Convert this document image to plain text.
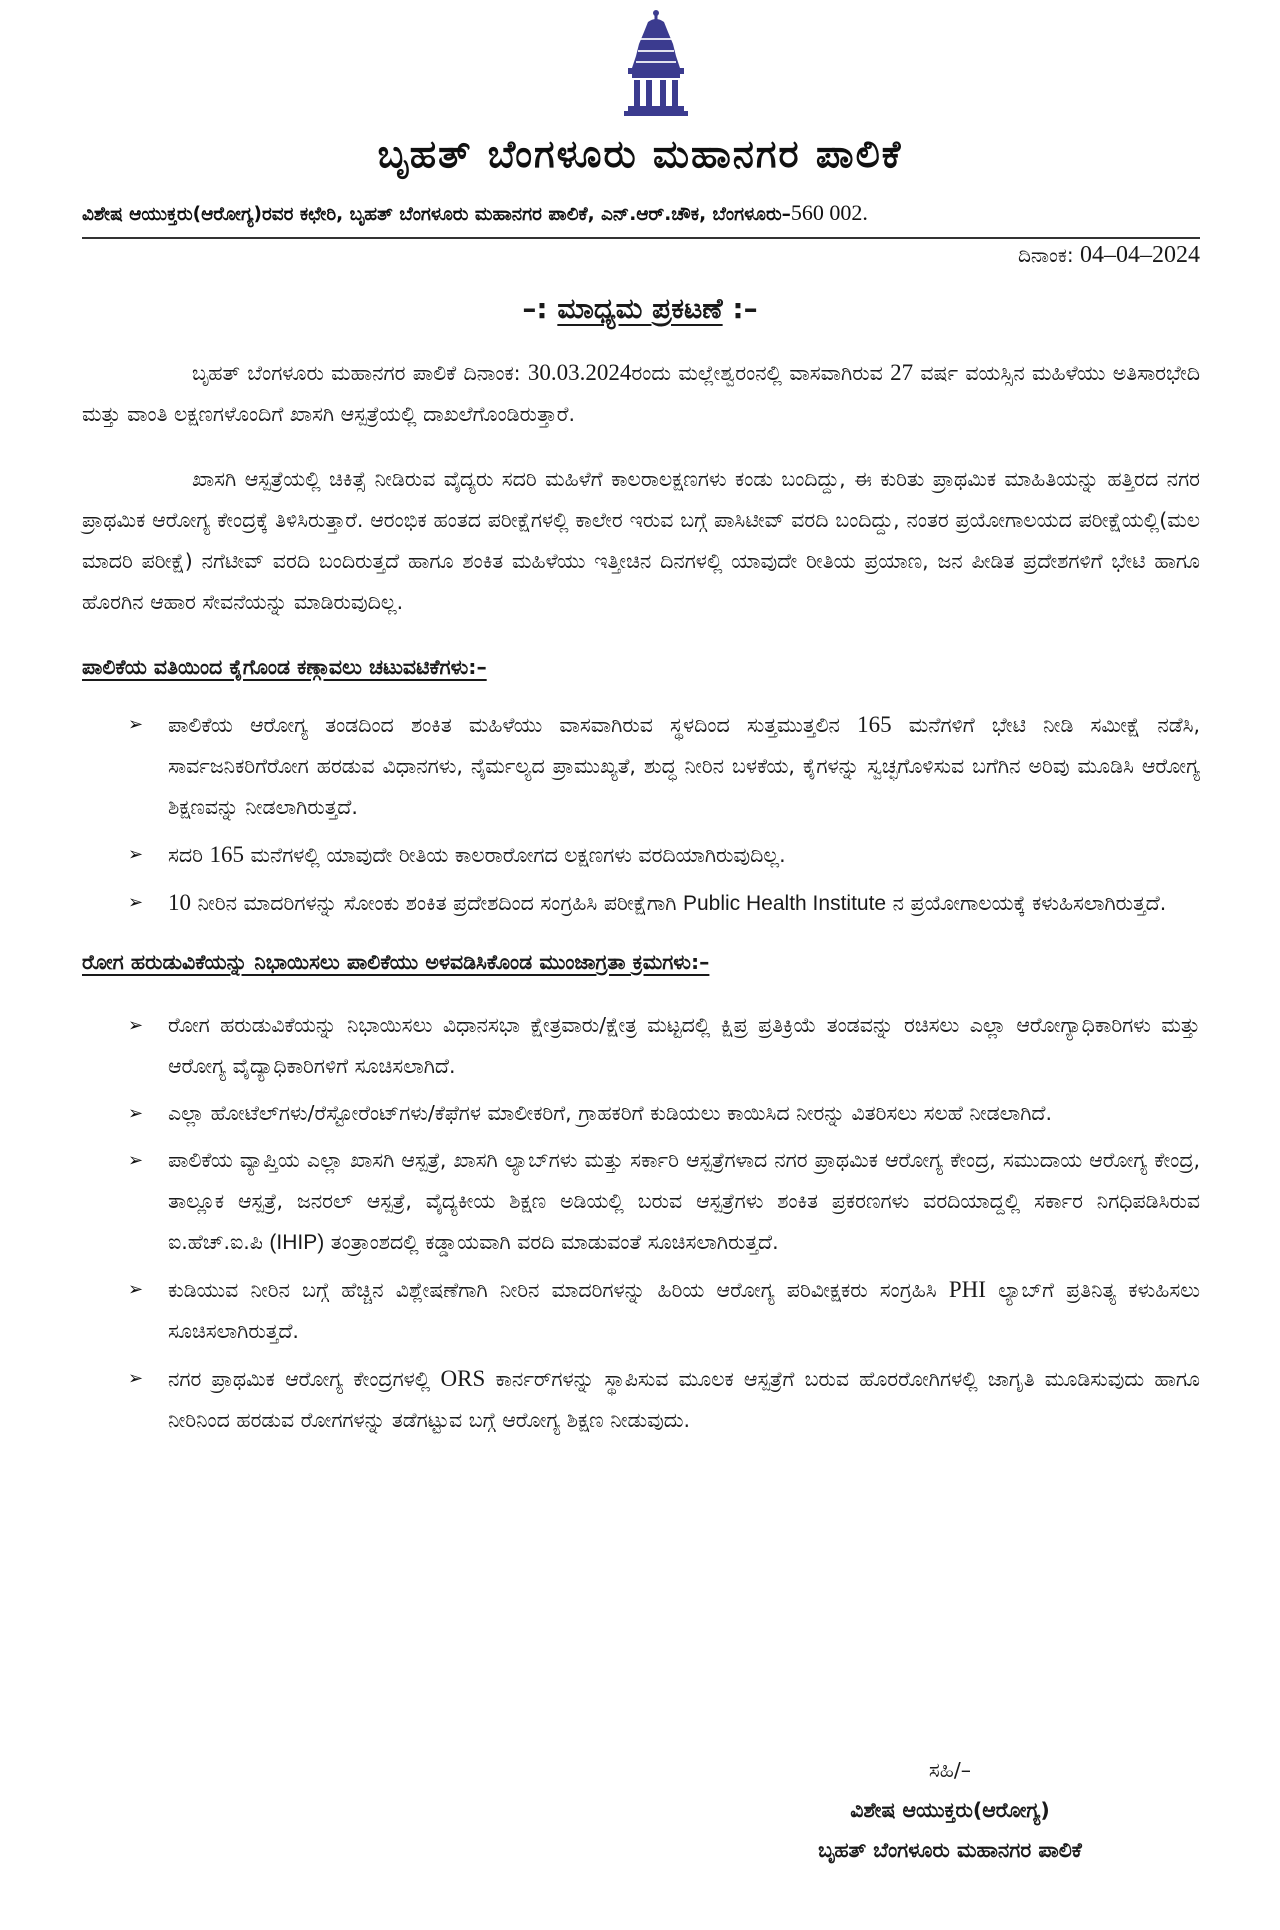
ಬೃಹತ್ ಬೆಂಗಳೂರು ಮಹಾನಗರ ಪಾಲಿಕೆ
ವಿಶೇಷ ಆಯುಕ್ತರು(ಆರೋಗ್ಯ)ರವರ ಕಛೇರಿ, ಬೃಹತ್ ಬೆಂಗಳೂರು ಮಹಾನಗರ ಪಾಲಿಕೆ, ಎನ್.ಆರ್.ಚೌಕ, ಬೆಂಗಳೂರು–560 002.
ದಿನಾಂಕ: 04–04–2024
–: ಮಾಧ್ಯಮ ಪ್ರಕಟಣೆ :–

ಬೃಹತ್ ಬೆಂಗಳೂರು ಮಹಾನಗರ ಪಾಲಿಕೆ ದಿನಾಂಕ: 30.03.2024ರಂದು ಮಲ್ಲೇಶ್ವರಂನಲ್ಲಿ ವಾಸವಾಗಿರುವ 27 ವರ್ಷ ವಯಸ್ಸಿನ ಮಹಿಳೆಯು ಅತಿಸಾರಭೇದಿ ಮತ್ತು ವಾಂತಿ ಲಕ್ಷಣಗಳೊಂದಿಗೆ ಖಾಸಗಿ ಆಸ್ಪತ್ರೆಯಲ್ಲಿ ದಾಖಲೆಗೊಂಡಿರುತ್ತಾರೆ.

ಖಾಸಗಿ ಆಸ್ಪತ್ರೆಯಲ್ಲಿ ಚಿಕಿತ್ಸೆ ನೀಡಿರುವ ವೈದ್ಯರು ಸದರಿ ಮಹಿಳೆಗೆ ಕಾಲರಾಲಕ್ಷಣಗಳು ಕಂಡು ಬಂದಿದ್ದು, ಈ ಕುರಿತು ಪ್ರಾಥಮಿಕ ಮಾಹಿತಿಯನ್ನು ಹತ್ತಿರದ ನಗರ ಪ್ರಾಥಮಿಕ ಆರೋಗ್ಯ ಕೇಂದ್ರಕ್ಕೆ ತಿಳಿಸಿರುತ್ತಾರೆ. ಆರಂಭಿಕ ಹಂತದ ಪರೀಕ್ಷೆಗಳಲ್ಲಿ ಕಾಲೇರ ಇರುವ ಬಗ್ಗೆ ಪಾಸಿಟೀವ್ ವರದಿ ಬಂದಿದ್ದು, ನಂತರ ಪ್ರಯೋಗಾಲಯದ ಪರೀಕ್ಷೆಯಲ್ಲಿ(ಮಲ ಮಾದರಿ ಪರೀಕ್ಷೆ) ನಗೆಟೀವ್ ವರದಿ ಬಂದಿರುತ್ತದೆ ಹಾಗೂ ಶಂಕಿತ ಮಹಿಳೆಯು ಇತ್ತೀಚಿನ ದಿನಗಳಲ್ಲಿ ಯಾವುದೇ ರೀತಿಯ ಪ್ರಯಾಣ, ಜನ ಪೀಡಿತ ಪ್ರದೇಶಗಳಿಗೆ ಭೇಟಿ ಹಾಗೂ ಹೊರಗಿನ ಆಹಾರ ಸೇವನೆಯನ್ನು ಮಾಡಿರುವುದಿಲ್ಲ.

ಪಾಲಿಕೆಯ ವತಿಯಿಂದ ಕೈಗೊಂಡ ಕಣ್ಗಾವಲು ಚಟುವಟಿಕೆಗಳು:–
➢ ಪಾಲಿಕೆಯ ಆರೋಗ್ಯ ತಂಡದಿಂದ ಶಂಕಿತ ಮಹಿಳೆಯು ವಾಸವಾಗಿರುವ ಸ್ಥಳದಿಂದ ಸುತ್ತಮುತ್ತಲಿನ 165 ಮನೆಗಳಿಗೆ ಭೇಟಿ ನೀಡಿ ಸಮೀಕ್ಷೆ ನಡೆಸಿ, ಸಾರ್ವಜನಿಕರಿಗೆರೋಗ ಹರಡುವ ವಿಧಾನಗಳು, ನೈರ್ಮಲ್ಯದ ಪ್ರಾಮುಖ್ಯತೆ, ಶುದ್ಧ ನೀರಿನ ಬಳಕೆಯ, ಕೈಗಳನ್ನು ಸ್ವಚ್ಛಗೊಳಿಸುವ ಬಗೆಗಿನ ಅರಿವು ಮೂಡಿಸಿ ಆರೋಗ್ಯ ಶಿಕ್ಷಣವನ್ನು ನೀಡಲಾಗಿರುತ್ತದೆ.
➢ ಸದರಿ 165 ಮನೆಗಳಲ್ಲಿ ಯಾವುದೇ ರೀತಿಯ ಕಾಲರಾರೋಗದ ಲಕ್ಷಣಗಳು ವರದಿಯಾಗಿರುವುದಿಲ್ಲ.
➢ 10 ನೀರಿನ ಮಾದರಿಗಳನ್ನು ಸೋಂಕು ಶಂಕಿತ ಪ್ರದೇಶದಿಂದ ಸಂಗ್ರಹಿಸಿ ಪರೀಕ್ಷೆಗಾಗಿ Public Health Institute ನ ಪ್ರಯೋಗಾಲಯಕ್ಕೆ ಕಳುಹಿಸಲಾಗಿರುತ್ತದೆ.
ರೋಗ ಹರುಡುವಿಕೆಯನ್ನು ನಿಭಾಯಿಸಲು ಪಾಲಿಕೆಯು ಅಳವಡಿಸಿಕೊಂಡ ಮುಂಜಾಗ್ರತಾ ಕ್ರಮಗಳು:–
➢ ರೋಗ ಹರುಡುವಿಕೆಯನ್ನು ನಿಭಾಯಿಸಲು ವಿಧಾನಸಭಾ ಕ್ಷೇತ್ರವಾರು/ಕ್ಷೇತ್ರ ಮಟ್ಟದಲ್ಲಿ ಕ್ಷಿಪ್ರ ಪ್ರತಿಕ್ರಿಯೆ ತಂಡವನ್ನು ರಚಿಸಲು ಎಲ್ಲಾ ಆರೋಗ್ಯಾಧಿಕಾರಿಗಳು ಮತ್ತು ಆರೋಗ್ಯ ವೈದ್ಯಾಧಿಕಾರಿಗಳಿಗೆ ಸೂಚಿಸಲಾಗಿದೆ.
➢ ಎಲ್ಲಾ ಹೋಟೆಲ್‌ಗಳು/ರೆಸ್ಟೋರೆಂಟ್‌ಗಳು/ಕೆಫೆಗಳ ಮಾಲೀಕರಿಗೆ, ಗ್ರಾಹಕರಿಗೆ ಕುಡಿಯಲು ಕಾಯಿಸಿದ ನೀರನ್ನು ವಿತರಿಸಲು ಸಲಹೆ ನೀಡಲಾಗಿದೆ.
➢ ಪಾಲಿಕೆಯ ವ್ಯಾಪ್ತಿಯ ಎಲ್ಲಾ ಖಾಸಗಿ ಆಸ್ಪತ್ರೆ, ಖಾಸಗಿ ಲ್ಯಾಬ್‌ಗಳು ಮತ್ತು ಸರ್ಕಾರಿ ಆಸ್ಪತ್ರೆಗಳಾದ ನಗರ ಪ್ರಾಥಮಿಕ ಆರೋಗ್ಯ ಕೇಂದ್ರ, ಸಮುದಾಯ ಆರೋಗ್ಯ ಕೇಂದ್ರ, ತಾಲ್ಲೂಕ ಆಸ್ಪತ್ರೆ, ಜನರಲ್ ಆಸ್ಪತ್ರೆ, ವೈದ್ಯಕೀಯ ಶಿಕ್ಷಣ ಅಡಿಯಲ್ಲಿ ಬರುವ ಆಸ್ಪತ್ರೆಗಳು ಶಂಕಿತ ಪ್ರಕರಣಗಳು ವರದಿಯಾದ್ದಲ್ಲಿ ಸರ್ಕಾರ ನಿಗಧಿಪಡಿಸಿರುವ ಐ.ಹೆಚ್.ಐ.ಪಿ (IHIP) ತಂತ್ರಾಂಶದಲ್ಲಿ ಕಡ್ಡಾಯವಾಗಿ ವರದಿ ಮಾಡುವಂತೆ ಸೂಚಿಸಲಾಗಿರುತ್ತದೆ.
➢ ಕುಡಿಯುವ ನೀರಿನ ಬಗ್ಗೆ ಹೆಚ್ಚಿನ ವಿಶ್ಲೇಷಣೆಗಾಗಿ ನೀರಿನ ಮಾದರಿಗಳನ್ನು ಹಿರಿಯ ಆರೋಗ್ಯ ಪರಿವೀಕ್ಷಕರು ಸಂಗ್ರಹಿಸಿ PHI ಲ್ಯಾಬ್‌ಗೆ ಪ್ರತಿನಿತ್ಯ ಕಳುಹಿಸಲು ಸೂಚಿಸಲಾಗಿರುತ್ತದೆ.
➢ ನಗರ ಪ್ರಾಥಮಿಕ ಆರೋಗ್ಯ ಕೇಂದ್ರಗಳಲ್ಲಿ ORS ಕಾರ್ನರ್‌ಗಳನ್ನು ಸ್ಥಾಪಿಸುವ ಮೂಲಕ ಆಸ್ಪತ್ರೆಗೆ ಬರುವ ಹೊರರೋಗಿಗಳಲ್ಲಿ ಜಾಗೃತಿ ಮೂಡಿಸುವುದು ಹಾಗೂ ನೀರಿನಿಂದ ಹರಡುವ ರೋಗಗಳನ್ನು ತಡೆಗಟ್ಟುವ ಬಗ್ಗೆ ಆರೋಗ್ಯ ಶಿಕ್ಷಣ ನೀಡುವುದು.
ಸಹಿ/–
ವಿಶೇಷ ಆಯುಕ್ತರು(ಆರೋಗ್ಯ)
ಬೃಹತ್ ಬೆಂಗಳೂರು ಮಹಾನಗರ ಪಾಲಿಕೆ
